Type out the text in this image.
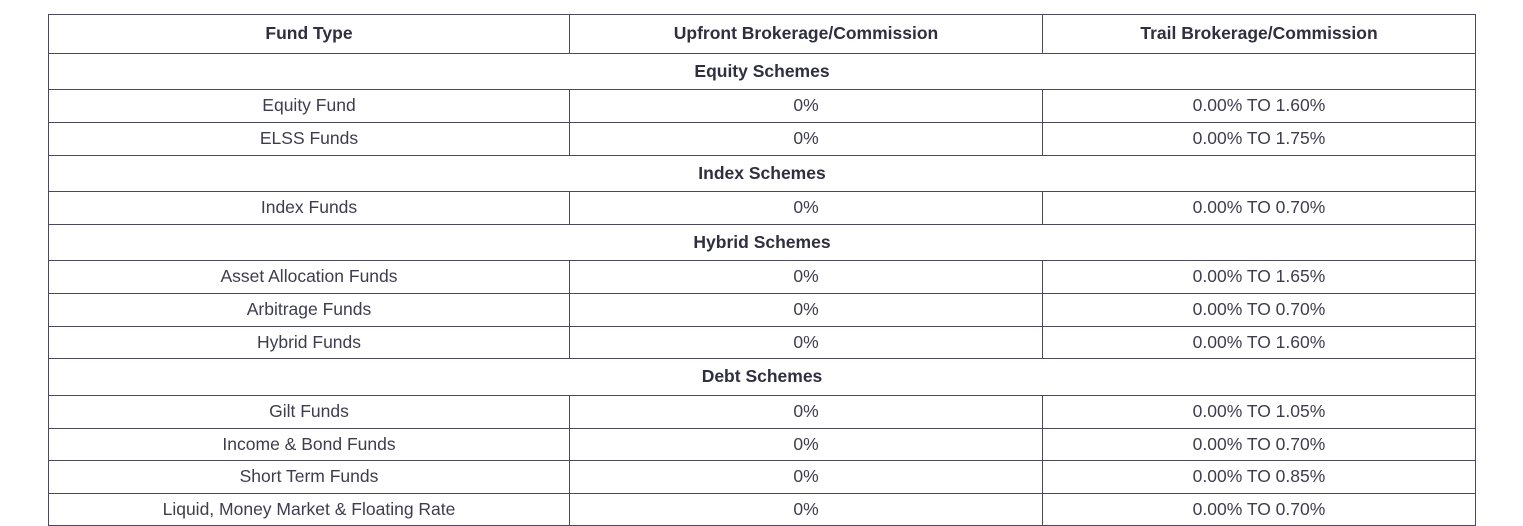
Fund Type	Upfront Brokerage/Commission	Trail Brokerage/Commission
Equity Schemes		
Equity Fund	0%	0.00% TO 1.60%
ELSS Funds	0%	0.00% TO 1.75%
Index Schemes		
Index Funds	0%	0.00% TO 0.70%
Hybrid Schemes		
Asset Allocation Funds	0%	0.00% TO 1.65%
Arbitrage Funds	0%	0.00% TO 0.70%
Hybrid Funds	0%	0.00% TO 1.60%
Debt Schemes		
Gilt Funds	0%	0.00% TO 1.05%
Income & Bond Funds	0%	0.00% TO 0.70%
Short Term Funds	0%	0.00% TO 0.85%
Liquid, Money Market & Floating Rate	0%	0.00% TO 0.70%
